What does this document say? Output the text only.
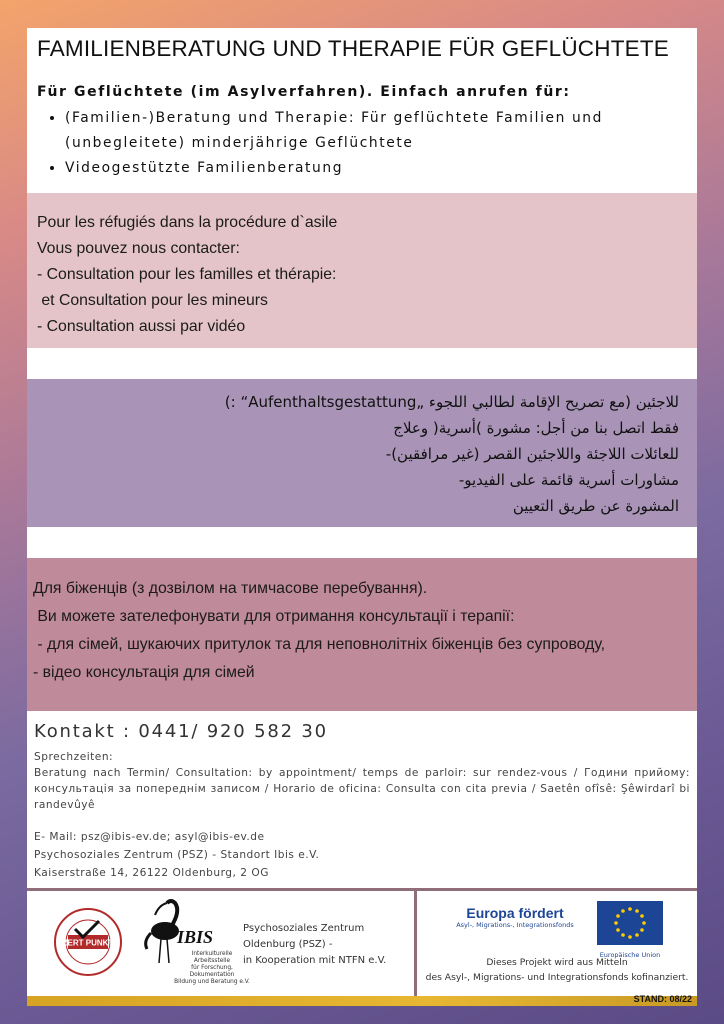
FAMILIENBERATUNG UND THERAPIE FÜR GEFLÜCHTETE
Für Geflüchtete (im Asylverfahren). Einfach anrufen für:
• (Familien-)Beratung und Therapie: Für geflüchtete Familien und (unbegleitete) minderjährige Geflüchtete
• Videogestützte Familienberatung

Pour les réfugiés dans la procédure d`asile

Vous pouvez nous contacter:

- Consultation pour les familles et thérapie:

et Consultation pour les mineurs

- Consultation aussi par vidéo

للاجئين (مع تصريح الإقامة لطالبي اللجوء „Aufenthaltsgestattung“ :)

فقط اتصل بنا من أجل: مشورة )أسرية( وعلاج

للعائلات اللاجئة واللاجئين القصر (غير مرافقين)-

مشاورات أسرية قائمة على الفيديو-

المشورة عن طريق التعيين

Для біженців (з дозвілом на тимчасове перебування).

Ви можете зателефонувати для отримання консультації і терапії:

- для сімей, шукаючих притулок та для неповнолітніх біженців без супроводу,

- відео консультація для сімей

Kontakt : 0441/ 920 582 30
Sprechzeiten:
Beratung nach Termin/ Consultation: by appointment/ temps de parloir: sur rendez-vous / Години прийому: консультація за попереднім записом / Horario de oficina: Consulta con cita previa / Saetên ofîsê: Şêwirdarî bi randevûyê
E- Mail: psz@ibis-ev.de; asyl@ibis-ev.de
Psychosoziales Zentrum (PSZ) - Standort Ibis e.V.
Kaiserstraße 14, 26122 Oldenburg, 2 OG
ZERT PUNKT	IBIS
Interkulturelle Arbeitsstelle
für Forschung, Dokumentation
Bildung und Beratung e.V.
Psychosoziales Zentrum
Oldenburg (PSZ) -
in Kooperation mit NTFN e.V.
Europa fördert
Asyl-, Migrations-, Integrationsfonds
Europäische Union
Dieses Projekt wird aus Mitteln
des Asyl-, Migrations- und Integrationsfonds kofinanziert.
STAND: 08/22
